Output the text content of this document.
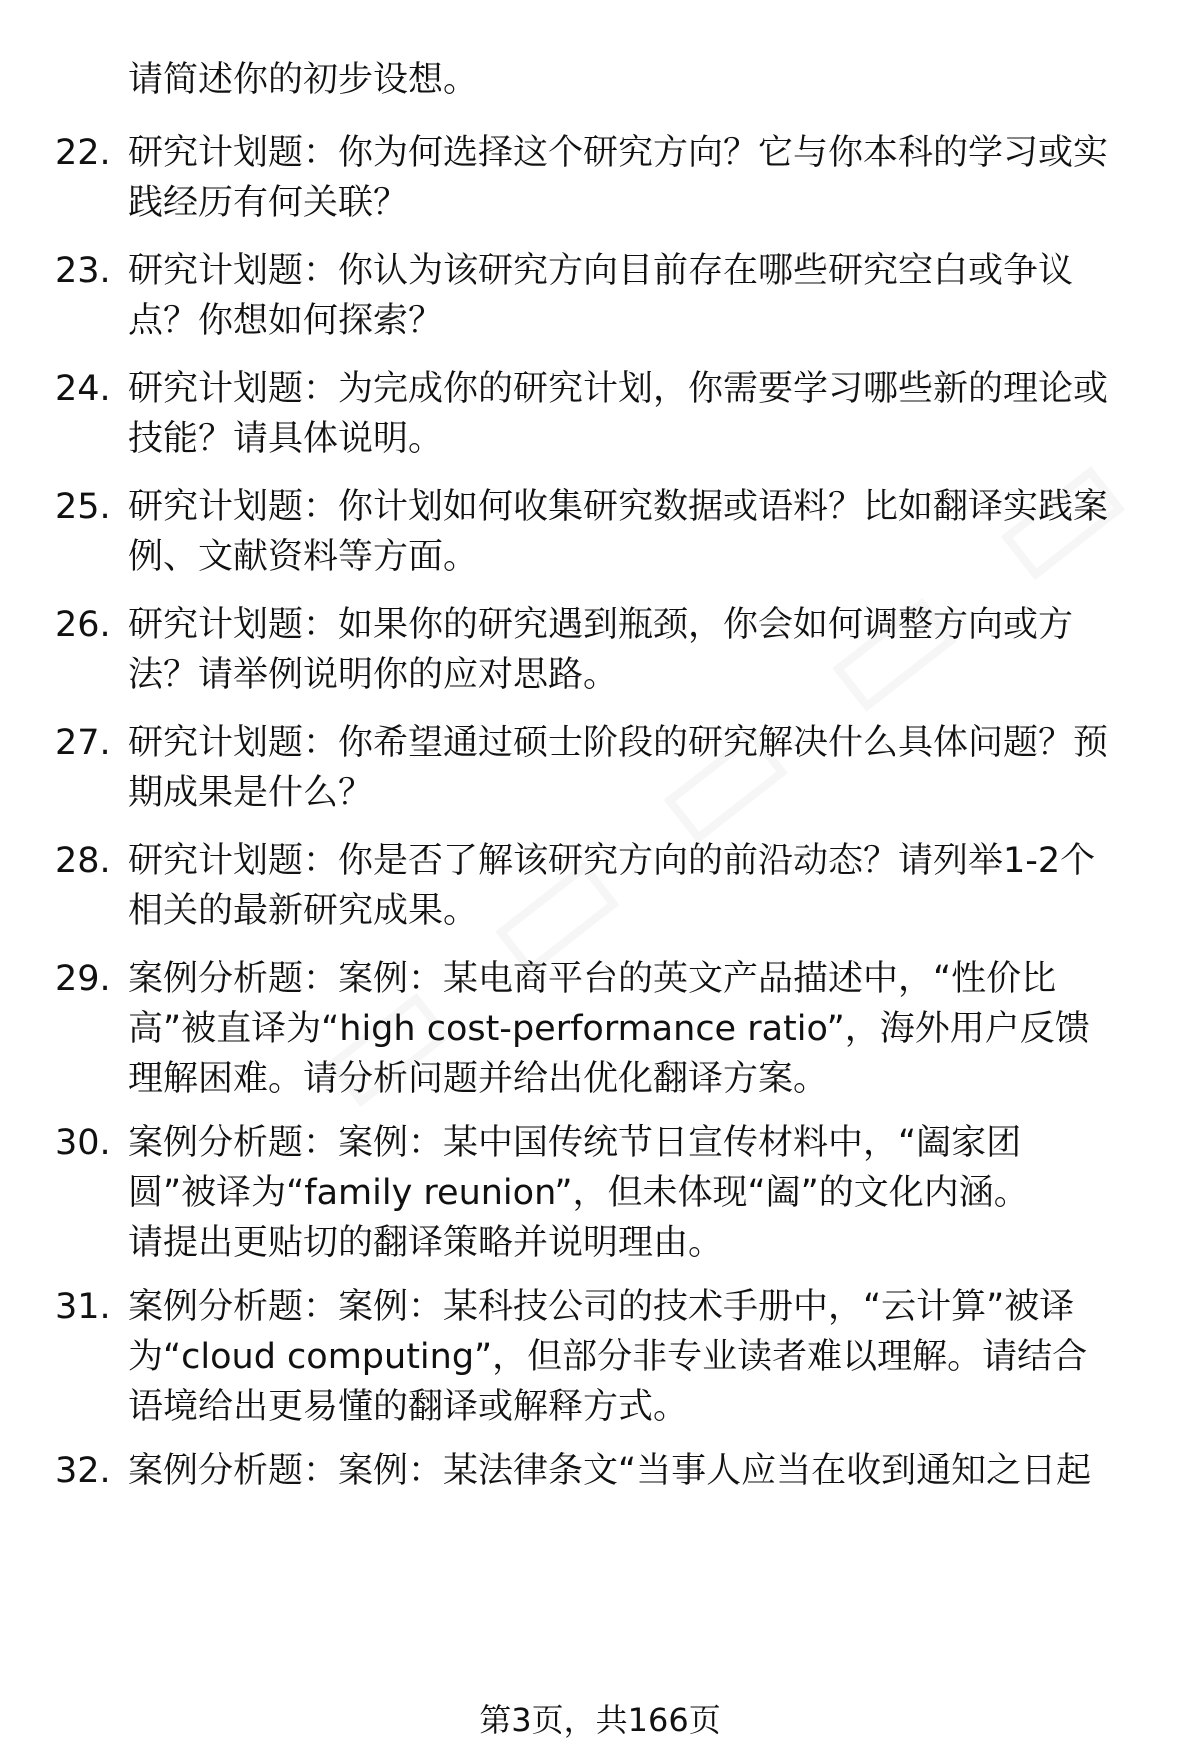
请简述你的初步设想。

22. 研究计划题：你为何选择这个研究方向？它与你本科的学习或实
践经历有何关联？
23. 研究计划题：你认为该研究方向目前存在哪些研究空白或争议
点？你想如何探索？
24. 研究计划题：为完成你的研究计划，你需要学习哪些新的理论或
技能？请具体说明。
25. 研究计划题：你计划如何收集研究数据或语料？比如翻译实践案
例、文献资料等方面。
26. 研究计划题：如果你的研究遇到瓶颈，你会如何调整方向或方
法？请举例说明你的应对思路。
27. 研究计划题：你希望通过硕士阶段的研究解决什么具体问题？预
期成果是什么？
28. 研究计划题：你是否了解该研究方向的前沿动态？请列举1-2个
相关的最新研究成果。
29. 案例分析题：案例：某电商平台的英文产品描述中，“性价比
高”被直译为“high cost-performance ratio”，海外用户反馈
理解困难。请分析问题并给出优化翻译方案。
30. 案例分析题：案例：某中国传统节日宣传材料中，“阖家团
圆”被译为“family reunion”，但未体现“阖”的文化内涵。
请提出更贴切的翻译策略并说明理由。
31. 案例分析题：案例：某科技公司的技术手册中，“云计算”被译
为“cloud computing”，但部分非专业读者难以理解。请结合
语境给出更易懂的翻译或解释方式。
32. 案例分析题：案例：某法律条文“当事人应当在收到通知之日起
第3页，共166页
